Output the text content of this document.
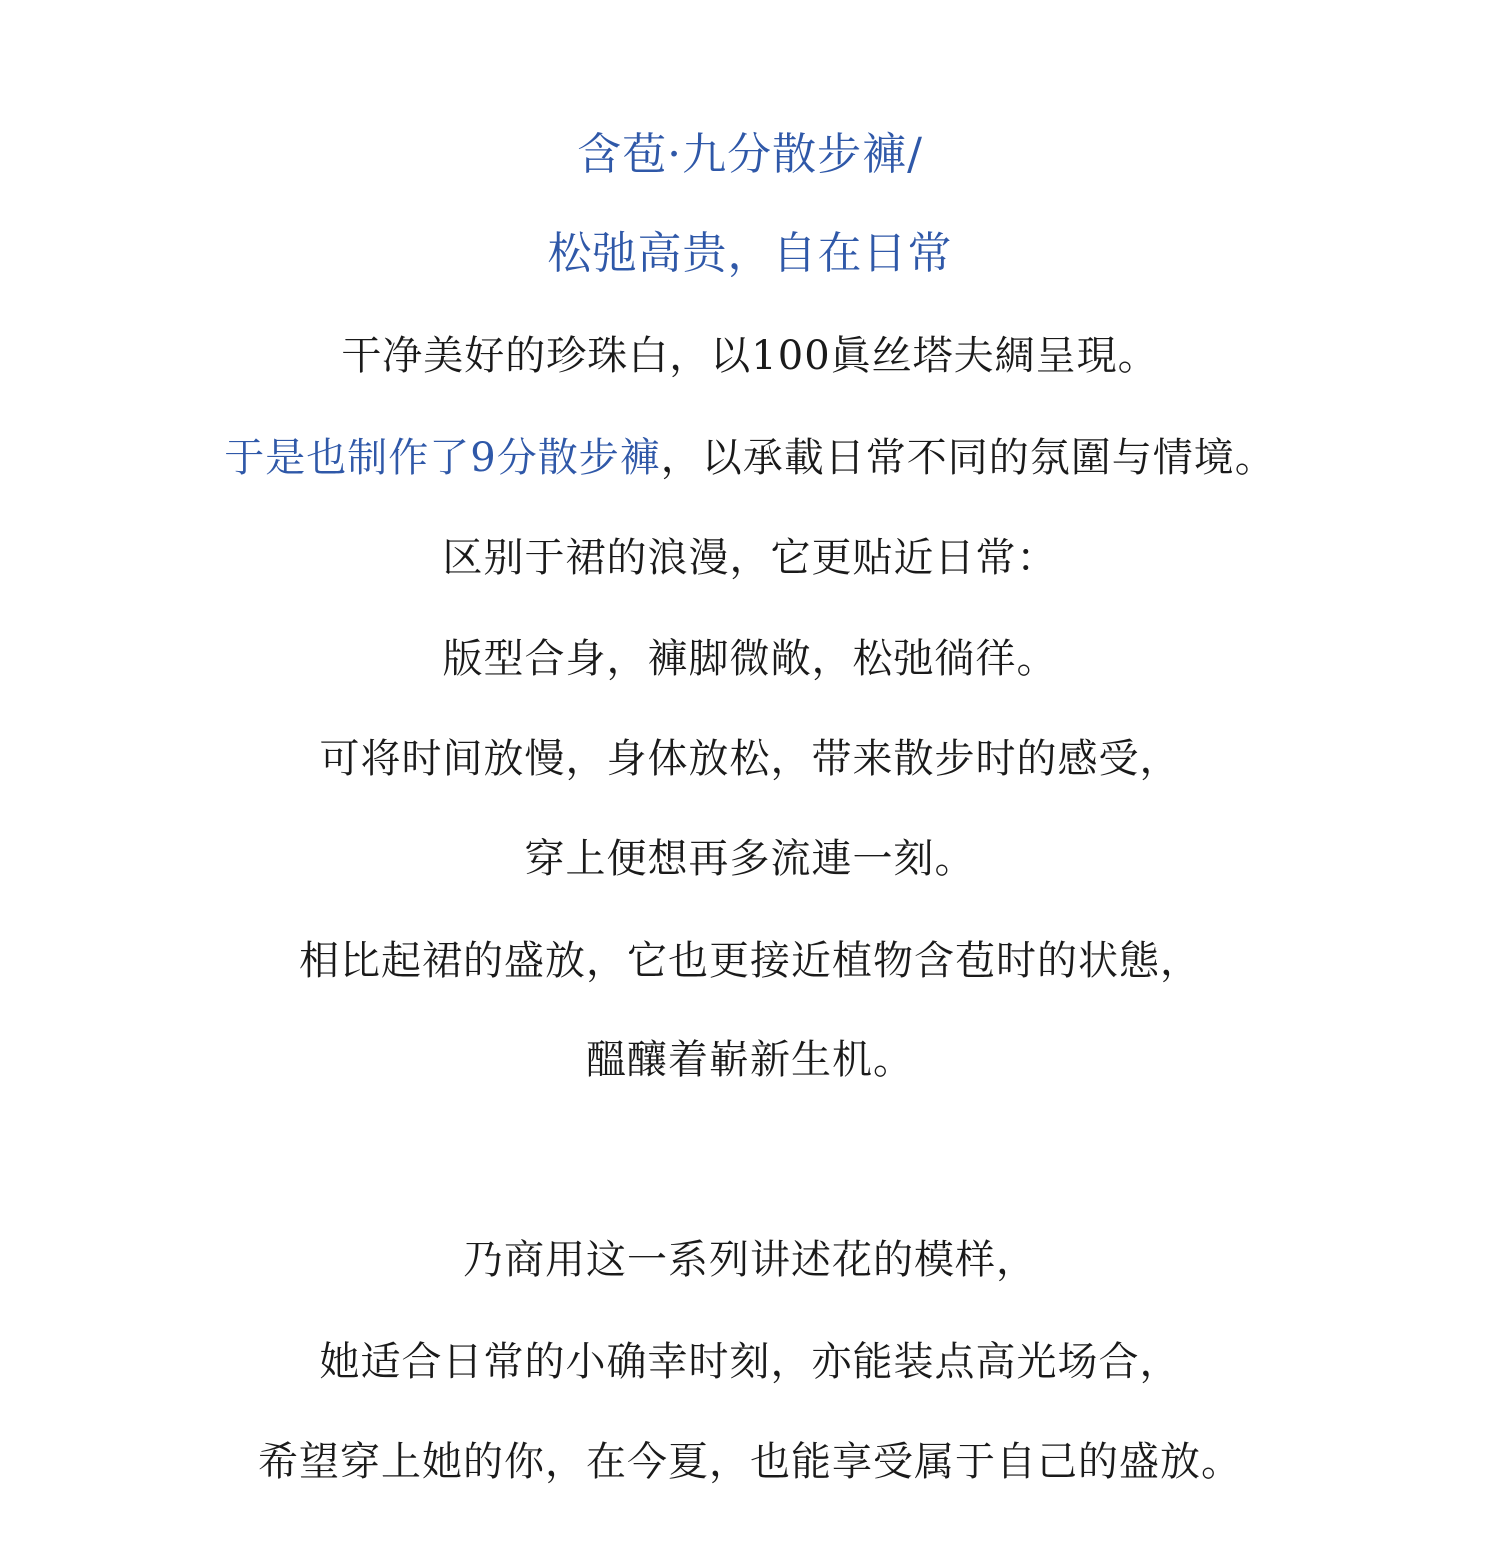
含苞·九分散步褲/
松弛高贵，自在日常
干净美好的珍珠白，以100眞丝塔夫綢呈現。
于是也制作了9分散步褲，以承載日常不同的氛圍与情境。
区别于裙的浪漫，它更贴近日常：
版型合身，褲脚微敞，松弛徜徉。
可将时间放慢，身体放松，带来散步时的感受，
穿上便想再多流連一刻。
相比起裙的盛放，它也更接近植物含苞时的状態，
醞釀着嶄新生机。
乃商用这一系列讲述花的模样，
她适合日常的小确幸时刻，亦能装点高光场合，
希望穿上她的你，在今夏，也能享受属于自己的盛放。
